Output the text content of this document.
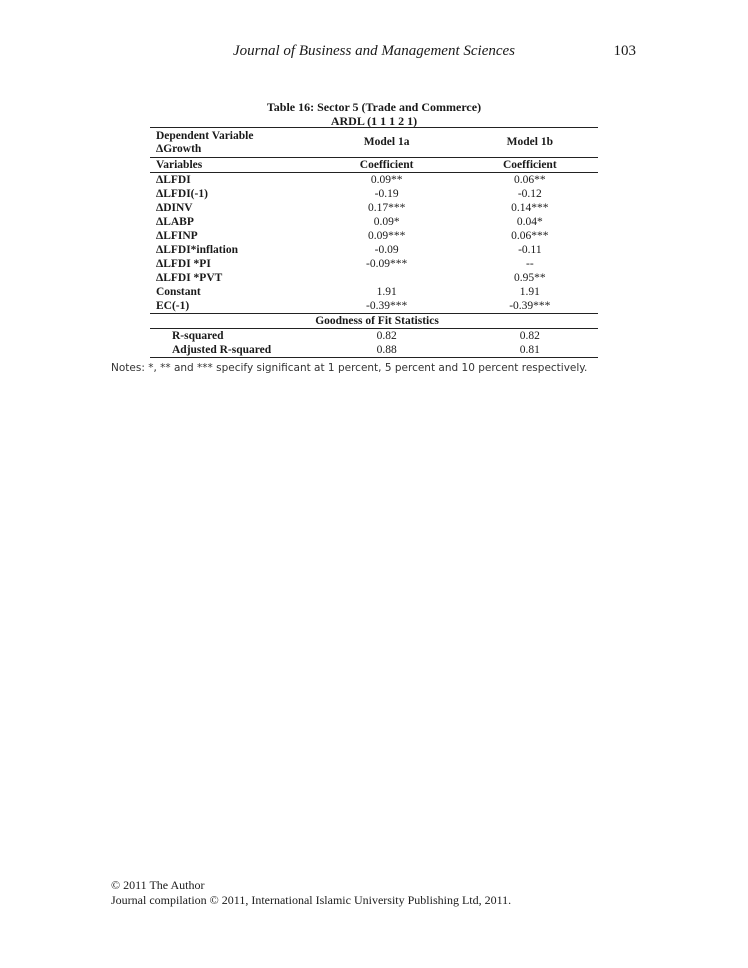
Journal of Business and Management Sciences	103
Table 16: Sector 5 (Trade and Commerce)
ARDL (1 1 1 2 1)
Dependent Variable
ΔGrowth	Model 1a	Model 1b
Variables	Coefficient	Coefficient
ΔLFDI	0.09**	0.06**
ΔLFDI(-1)	-0.19	-0.12
ΔDINV	0.17***	0.14***
ΔLABP	0.09*	0.04*
ΔLFINP	0.09***	0.06***
ΔLFDI*inflation	-0.09	-0.11
ΔLFDI *PI	-0.09***	--
ΔLFDI *PVT		0.95**
Constant	1.91	1.91
EC(-1)	-0.39***	-0.39***
Goodness of Fit Statistics		
R-squared	0.82	0.82
Adjusted R-squared	0.88	0.81
Notes: *, ** and *** specify significant at 1 percent, 5 percent and 10 percent respectively.
© 2011 The Author
Journal compilation © 2011, International Islamic University Publishing Ltd, 2011.
